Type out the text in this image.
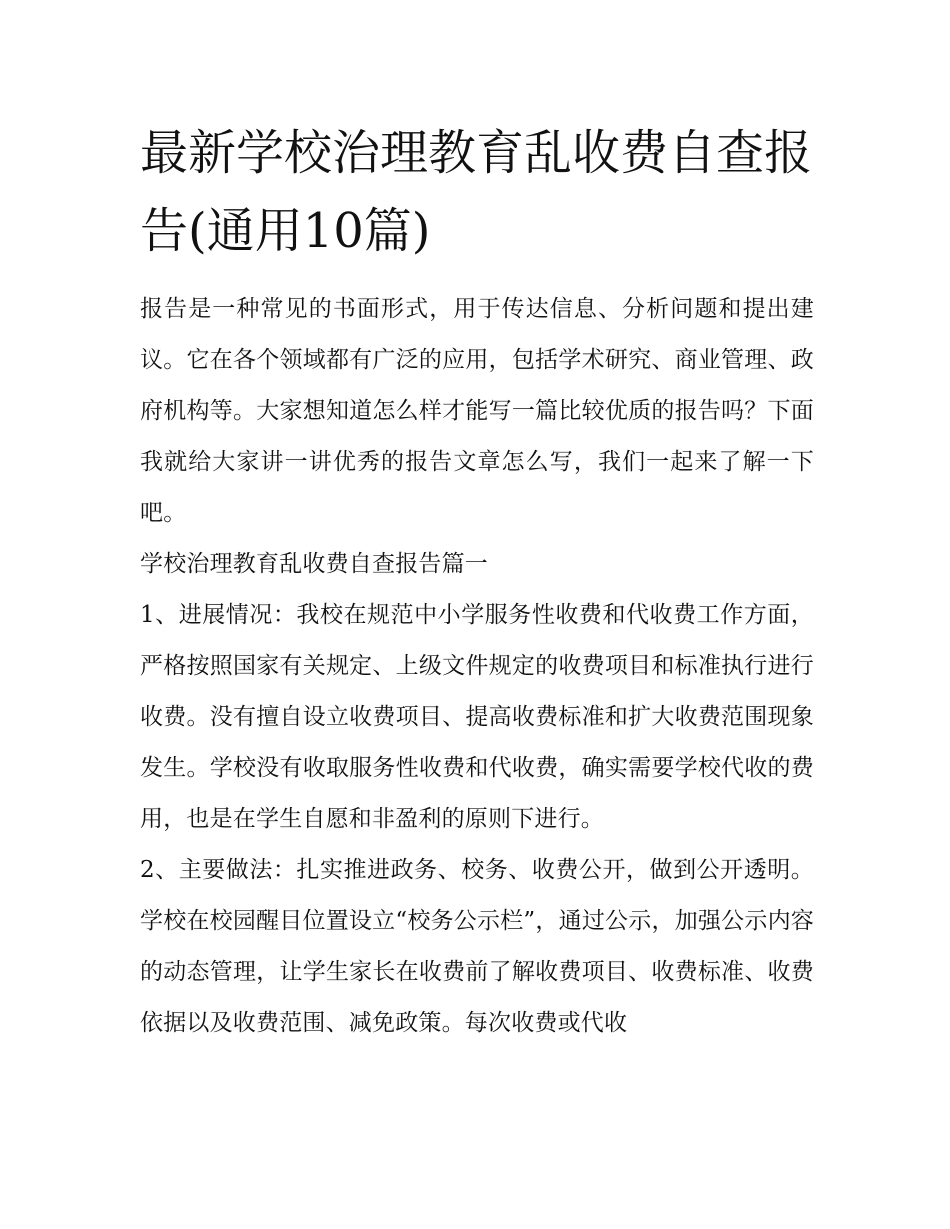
最新学校治理教育乱收费自查报告(通用10篇)

报告是一种常见的书面形式，用于传达信息、分析问题和提出建议。它在各个领域都有广泛的应用，包括学术研究、商业管理、政府机构等。大家想知道怎么样才能写一篇比较优质的报告吗？下面我就给大家讲一讲优秀的报告文章怎么写，我们一起来了解一下吧。

学校治理教育乱收费自查报告篇一

1、进展情况：我校在规范中小学服务性收费和代收费工作方面，严格按照国家有关规定、上级文件规定的收费项目和标准执行进行收费。没有擅自设立收费项目、提高收费标准和扩大收费范围现象发生。学校没有收取服务性收费和代收费，确实需要学校代收的费用，也是在学生自愿和非盈利的原则下进行。

2、主要做法：扎实推进政务、校务、收费公开，做到公开透明。学校在校园醒目位置设立“校务公示栏”，通过公示，加强公示内容的动态管理，让学生家长在收费前了解收费项目、收费标准、收费依据以及收费范围、减免政策。每次收费或代收
